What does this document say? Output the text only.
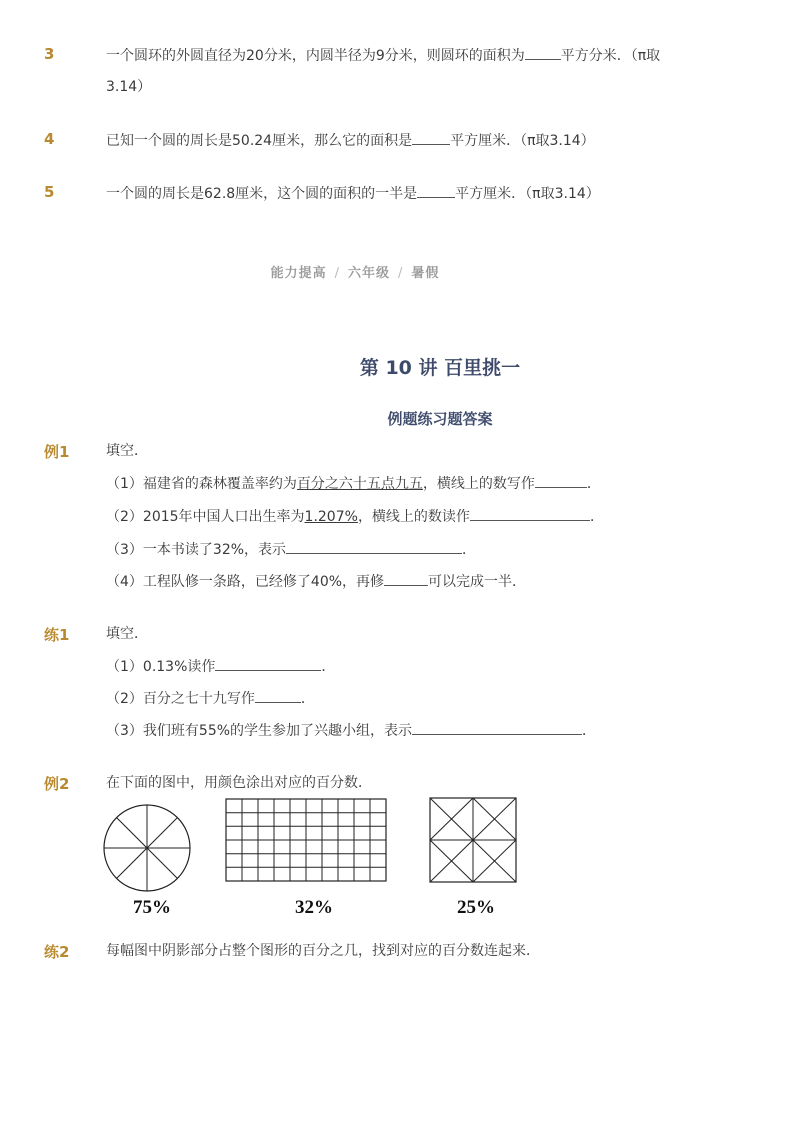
3	一个圆环的外圆直径为20分米，内圆半径为9分米，则圆环的面积为	平方分米．（π取
3.14）
4	已知一个圆的周长是50.24厘米，那么它的面积是	平方厘米．（π取3.14）
5	一个圆的周长是62.8厘米，这个圆的面积的一半是	平方厘米．（π取3.14）
能力提高 / 六年级 / 暑假
第 10 讲 百里挑一
例题练习题答案
例1	填空．
（1）福建省的森林覆盖率约为百分之六十五点九五，横线上的数写作	．
（2）2015年中国人口出生率为1.207%，横线上的数读作	．
（3）一本书读了32%，表示	．
（4）工程队修一条路，已经修了40%，再修	可以完成一半．
练1	填空．
（1）0.13%读作	．
（2）百分之七十九写作	．
（3）我们班有55%的学生参加了兴趣小组，表示	．
例2	在下面的图中，用颜色涂出对应的百分数．
75%	32%	25%
练2	每幅图中阴影部分占整个图形的百分之几，找到对应的百分数连起来．
